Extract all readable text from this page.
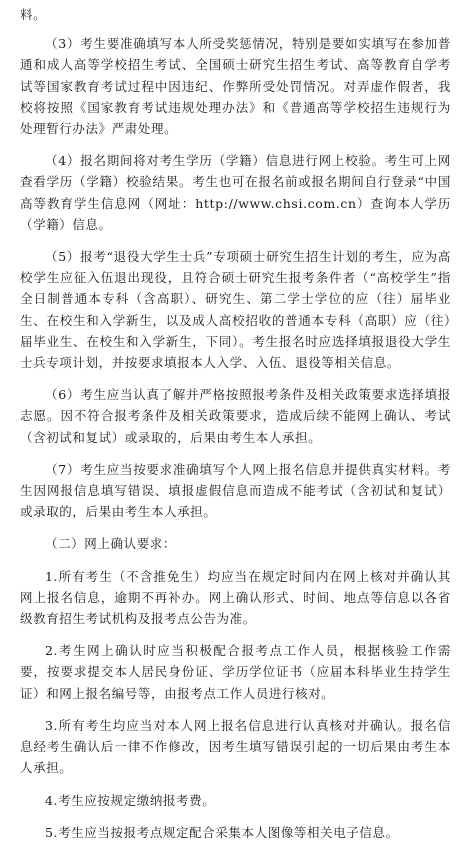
料。

（3）考生要准确填写本人所受奖惩情况，特别是要如实填写在参加普通和成人高等学校招生考试、全国硕士研究生招生考试、高等教育自学考试等国家教育考试过程中因违纪、作弊所受处罚情况。对弄虚作假者，我校将按照《国家教育考试违规处理办法》和《普通高等学校招生违规行为处理暂行办法》严肃处理。

（4）报名期间将对考生学历（学籍）信息进行网上校验。考生可上网查看学历（学籍）校验结果。考生也可在报名前或报名期间自行登录“中国高等教育学生信息网（网址：http://www.chsi.com.cn）查询本人学历（学籍）信息。

（5）报考“退役大学生士兵”专项硕士研究生招生计划的考生，应为高校学生应征入伍退出现役，且符合硕士研究生报考条件者（“高校学生”指全日制普通本专科（含高职）、研究生、第二学士学位的应（往）届毕业生、在校生和入学新生，以及成人高校招收的普通本专科（高职）应（往）届毕业生、在校生和入学新生，下同）。考生报名时应选择填报退役大学生士兵专项计划，并按要求填报本人入学、入伍、退役等相关信息。

（6）考生应当认真了解并严格按照报考条件及相关政策要求选择填报志愿。因不符合报考条件及相关政策要求，造成后续不能网上确认、考试（含初试和复试）或录取的，后果由考生本人承担。

（7）考生应当按要求准确填写个人网上报名信息并提供真实材料。考生因网报信息填写错误、填报虚假信息而造成不能考试（含初试和复试）或录取的，后果由考生本人承担。

（二）网上确认要求：

1.所有考生（不含推免生）均应当在规定时间内在网上核对并确认其网上报名信息，逾期不再补办。网上确认形式、时间、地点等信息以各省级教育招生考试机构及报考点公告为准。

2.考生网上确认时应当积极配合报考点工作人员，根据核验工作需要，按要求提交本人居民身份证、学历学位证书（应届本科毕业生持学生证）和网上报名编号等，由报考点工作人员进行核对。

3.所有考生均应当对本人网上报名信息进行认真核对并确认。报名信息经考生确认后一律不作修改，因考生填写错误引起的一切后果由考生本人承担。

4.考生应按规定缴纳报考费。

5.考生应当按报考点规定配合采集本人图像等相关电子信息。
